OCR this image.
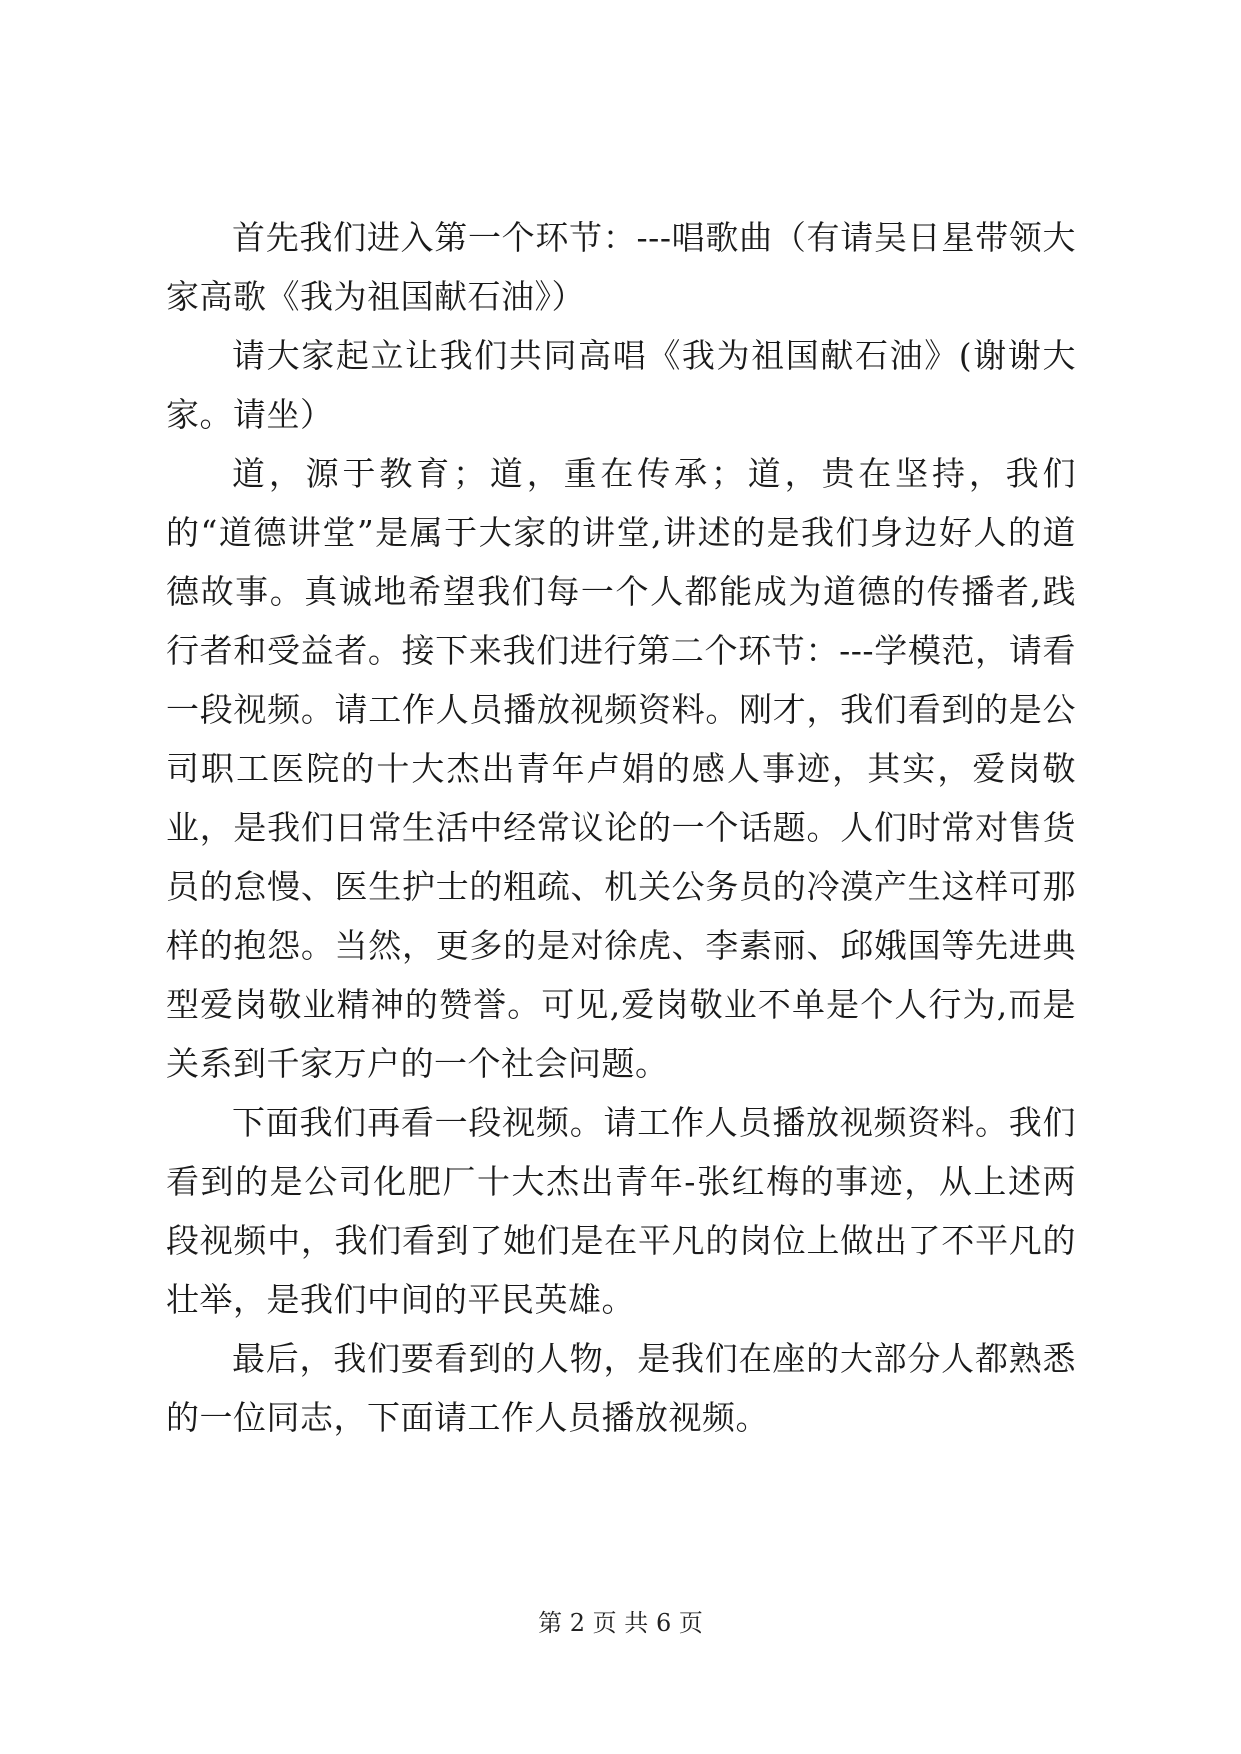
首先我们进入第一个环节：---唱歌曲（有请吴日星带领大家高歌《我为祖国献石油》）

请大家起立让我们共同高唱《我为祖国献石油》(谢谢大家。请坐）

道，源于教育；道，重在传承；道，贵在坚持，我们的“道德讲堂”是属于大家的讲堂,讲述的是我们身边好人的道德故事。真诚地希望我们每一个人都能成为道德的传播者,践行者和受益者。接下来我们进行第二个环节：---学模范，请看一段视频。请工作人员播放视频资料。刚才，我们看到的是公司职工医院的十大杰出青年卢娟的感人事迹，其实，爱岗敬业，是我们日常生活中经常议论的一个话题。人们时常对售货员的怠慢、医生护士的粗疏、机关公务员的冷漠产生这样可那样的抱怨。当然，更多的是对徐虎、李素丽、邱娥国等先进典型爱岗敬业精神的赞誉。可见,爱岗敬业不单是个人行为,而是关系到千家万户的一个社会问题。

下面我们再看一段视频。请工作人员播放视频资料。我们看到的是公司化肥厂十大杰出青年-张红梅的事迹，从上述两段视频中，我们看到了她们是在平凡的岗位上做出了不平凡的壮举，是我们中间的平民英雄。

最后，我们要看到的人物，是我们在座的大部分人都熟悉的一位同志，下面请工作人员播放视频。

第 2 页 共 6 页
